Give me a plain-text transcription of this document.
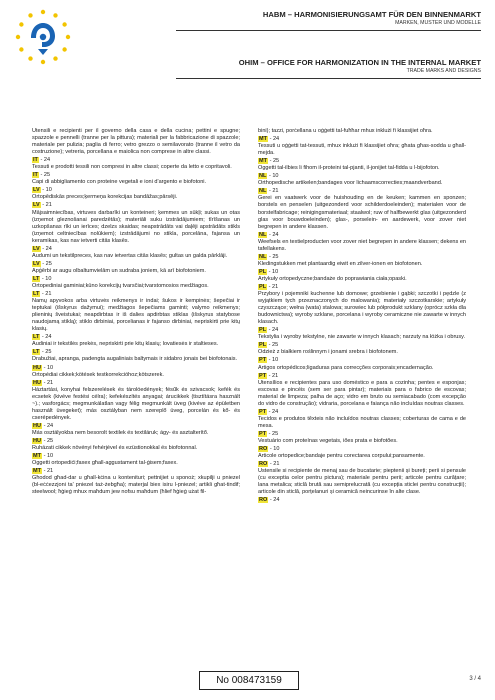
HABM – HARMONISIERUNGSAMT FÜR DEN BINNENMARKT
MARKEN, MUSTER UND MODELLE
OHIM – OFFICE FOR HARMONIZATION IN THE INTERNAL MARKET
TRADE MARKS AND DESIGNS
Utensili e recipienti per il governo della casa e della cucina; pettini e spugne; spazzole e pennelli (tranne per la pittura); materiali per la fabbricazione di spazzole; materiale per pulizia; paglia di ferro; vetro grezzo o semilavorato (tranne il vetro da costruzione); vetreria, porcellana e maiolica non comprese in altre classi.
IT - 24
Tessuti e prodotti tessili non compresi in altre classi; coperte da letto e copritavoli.
IT - 25
Capi di abbigliamento con proteine vegetali e ioni d'argento e biofotoni.
LV - 10
Ortopēdiskās preces;ķermeņa korekcijas bandāžas;pārsēji.
LV - 21
Mājsaimniecības, virtuves darbarīki un konteineri; ķemmes un sūkļi; sukas un otas (izņemot gleznošanai paredzētās); materiāli suku izstrādājumiem; tīrīšanas un uzkopšanas rīki un ierīces; dzelzs skaidas; neapstrādāts vai daļēji apstrādāts stikls (izņemot celtniecības nolūkiem); izstrādājumi no stikla, porcelāna, fajansa un keramikas, kas nav ietverti citās klasēs.
LV - 24
Audumi un tekstilpreces, kas nav ietvertas citās klasēs; gultas un galda pārklāji.
LV - 25
Apģērbi ar augu olbaltumvielām un sudraba joniem, kā arī biofotoniem.
LT - 10
Ortopediniai gaminiai;kūno korekcijų tvarsčiai;tvarstomosios medžiagos.
LT - 21
Namų apyvokos arba virtuvės reikmenys ir indai; šukos ir kempinės; šepečiai ir teptukai (išskyrus dažymui); medžiagos šepečiams gaminti; valymo reikmenys; plieninių šveistukai; neapdirbtas ir iš dalies apdirbtas stiklas (išskyrus statybose naudojamą stiklą); stiklo dirbiniai, porcelianas ir fajanso dirbiniai, nepriskirti prie kitų klasių.
LT - 24
Audiniai ir tekstilės prekės, nepriskirti prie kitų klasių; lovatiesės ir staltieses.
LT - 25
Drabužiai, apranga, padengta augaliniais baltymais ir sidabro jonais bei biofotonais.
HU - 10
Ortopédiai cikkek;kötések testkorrekcióhoz;kötszerek.
HU - 21
Háztartási, konyhai felszerelések és tárolóedények; fésűk és szivacsok; kefék és ecsetek (kivéve festési célra); kefekészítés anyagai; árucikkek (tisztításra használt ~).; vasforgács; megmunkálatlan vagy félig megmunkált üveg (kivéve az épületben használt üvegeket); más osztályban nem szereplő üveg, porcelán és kő- és cserépedények.
HU - 24
Más osztályokba nem besorolt textilek és textiláruk; ágy- és asztalterítő.
HU - 25
Ruházati cikkek növényi fehérjével és ezüstionokkal és biofotonnal.
MT - 10
Oggetti ortopedići;faxex għall-aggustament tal-ġisem;faxex.
MT - 21
Għodod għad-dar u għall-kċina u kontenituri; pettnijiet u sponoż; xkupilji u pniezel (bl-eċċezzjoni ta' pniezel taż-żebgħa); materjal biex isiru l-pniezel; artikli għat-tindif; steelwool; ħġieġ mhux maħdum jew nofsu maħdum (ħlief ħġieġ użat fil-
bini); tazzi, porċellana u oġġetti tal-fuħħar mhux inklużi fi klassijiet oħra.
MT - 24
Tessuti u oġġetti tat-tessuti, mhux inklużi fi klassijiet oħra; għata għas-sodda u għall-mejda.
MT - 25
Oggetti tal-ilbies li fihom il-proteini tal-pjanti, il-jonijiet tal-fidda u l-bijofoton.
NL - 10
Orthopedische artikelen;bandages voor lichaamscorrecties;maandverband.
NL - 21
Gerei en vaatwerk voor de huishouding en de keuken; kammen en sponzen; borstels en penselen (uitgezonderd voor schilderdoeleinden); materialen voor de borstelfabricage; reinigingsmateriaal; staalwol; ruw of halfbewerkt glas (uitgezonderd glas voor bouwdoeleinden); glas-, porselein- en aardewerk, voor zover niet begrepen in andere klassen.
NL - 24
Weefsels en textielproducten voor zover niet begrepen in andere klassen; dekens en tafellakens.
NL - 25
Kledingstukken met plantaardig eiwit en zilver-ionen en biofotonen.
PL - 10
Artykuły ortopedyczne;bandaże do poprawiania ciała;opaski.
PL - 21
Przybory i pojemniki kuchenne lub domowe; grzebienie i gąbki; szczotki i pędzle (z wyjątkiem tych przeznaczonych do malowania); materiały szczotkarskie; artykuły czyszczące; wełna (wata) stalowa; surowiec lub półprodukt szklany (oprócz szkła dla budownictwa); wyroby szklane, porcelana i wyroby ceramiczne nie zawarte w innych klasach.
PL - 24
Tekstylia i wyroby tekstylne, nie zawarte w innych klasach; narzuty na łóżka i obrusy.
PL - 25
Odzież z białkiem roślinnym i jonami srebra i biofotonem.
PT - 10
Artigos ortopédicos;ligaduras para correcções corporais;encadernação.
PT - 21
Utensílios e recipientes para uso doméstico e para a cozinha; pentes e esponjas; escovas e pincéis (sem ser para pintar); materiais para o fabrico de escovas; material de limpeza; palha de aço; vidro em bruto ou semiacabado (com excepção do vidro de construção); vidraria, porcelana e faiança não incluídas noutras classes.
PT - 24
Tecidos e produtos têxteis não incluídos noutras classes; coberturas de cama e de mesa.
PT - 25
Vestuário com proteínas vegetais, iões prata e biofotões.
RO - 10
Articole ortopedice;bandaje pentru corectarea corpului;pansamente.
RO - 21
Ustensile si recipiente de menaj sau de bucatarie; pieptenii și bureți; perii si pensule (cu exceptia celor pentru pictura); materiale pentru perii; articole pentru curățare; lana metalica; sticlă brută sau semiprelucrată (cu excepția sticlei pentru construcții); articole din sticlă, porțelanuri și ceramică neincurinse în alte clase.
RO - 24
No 008473159	3 / 4
